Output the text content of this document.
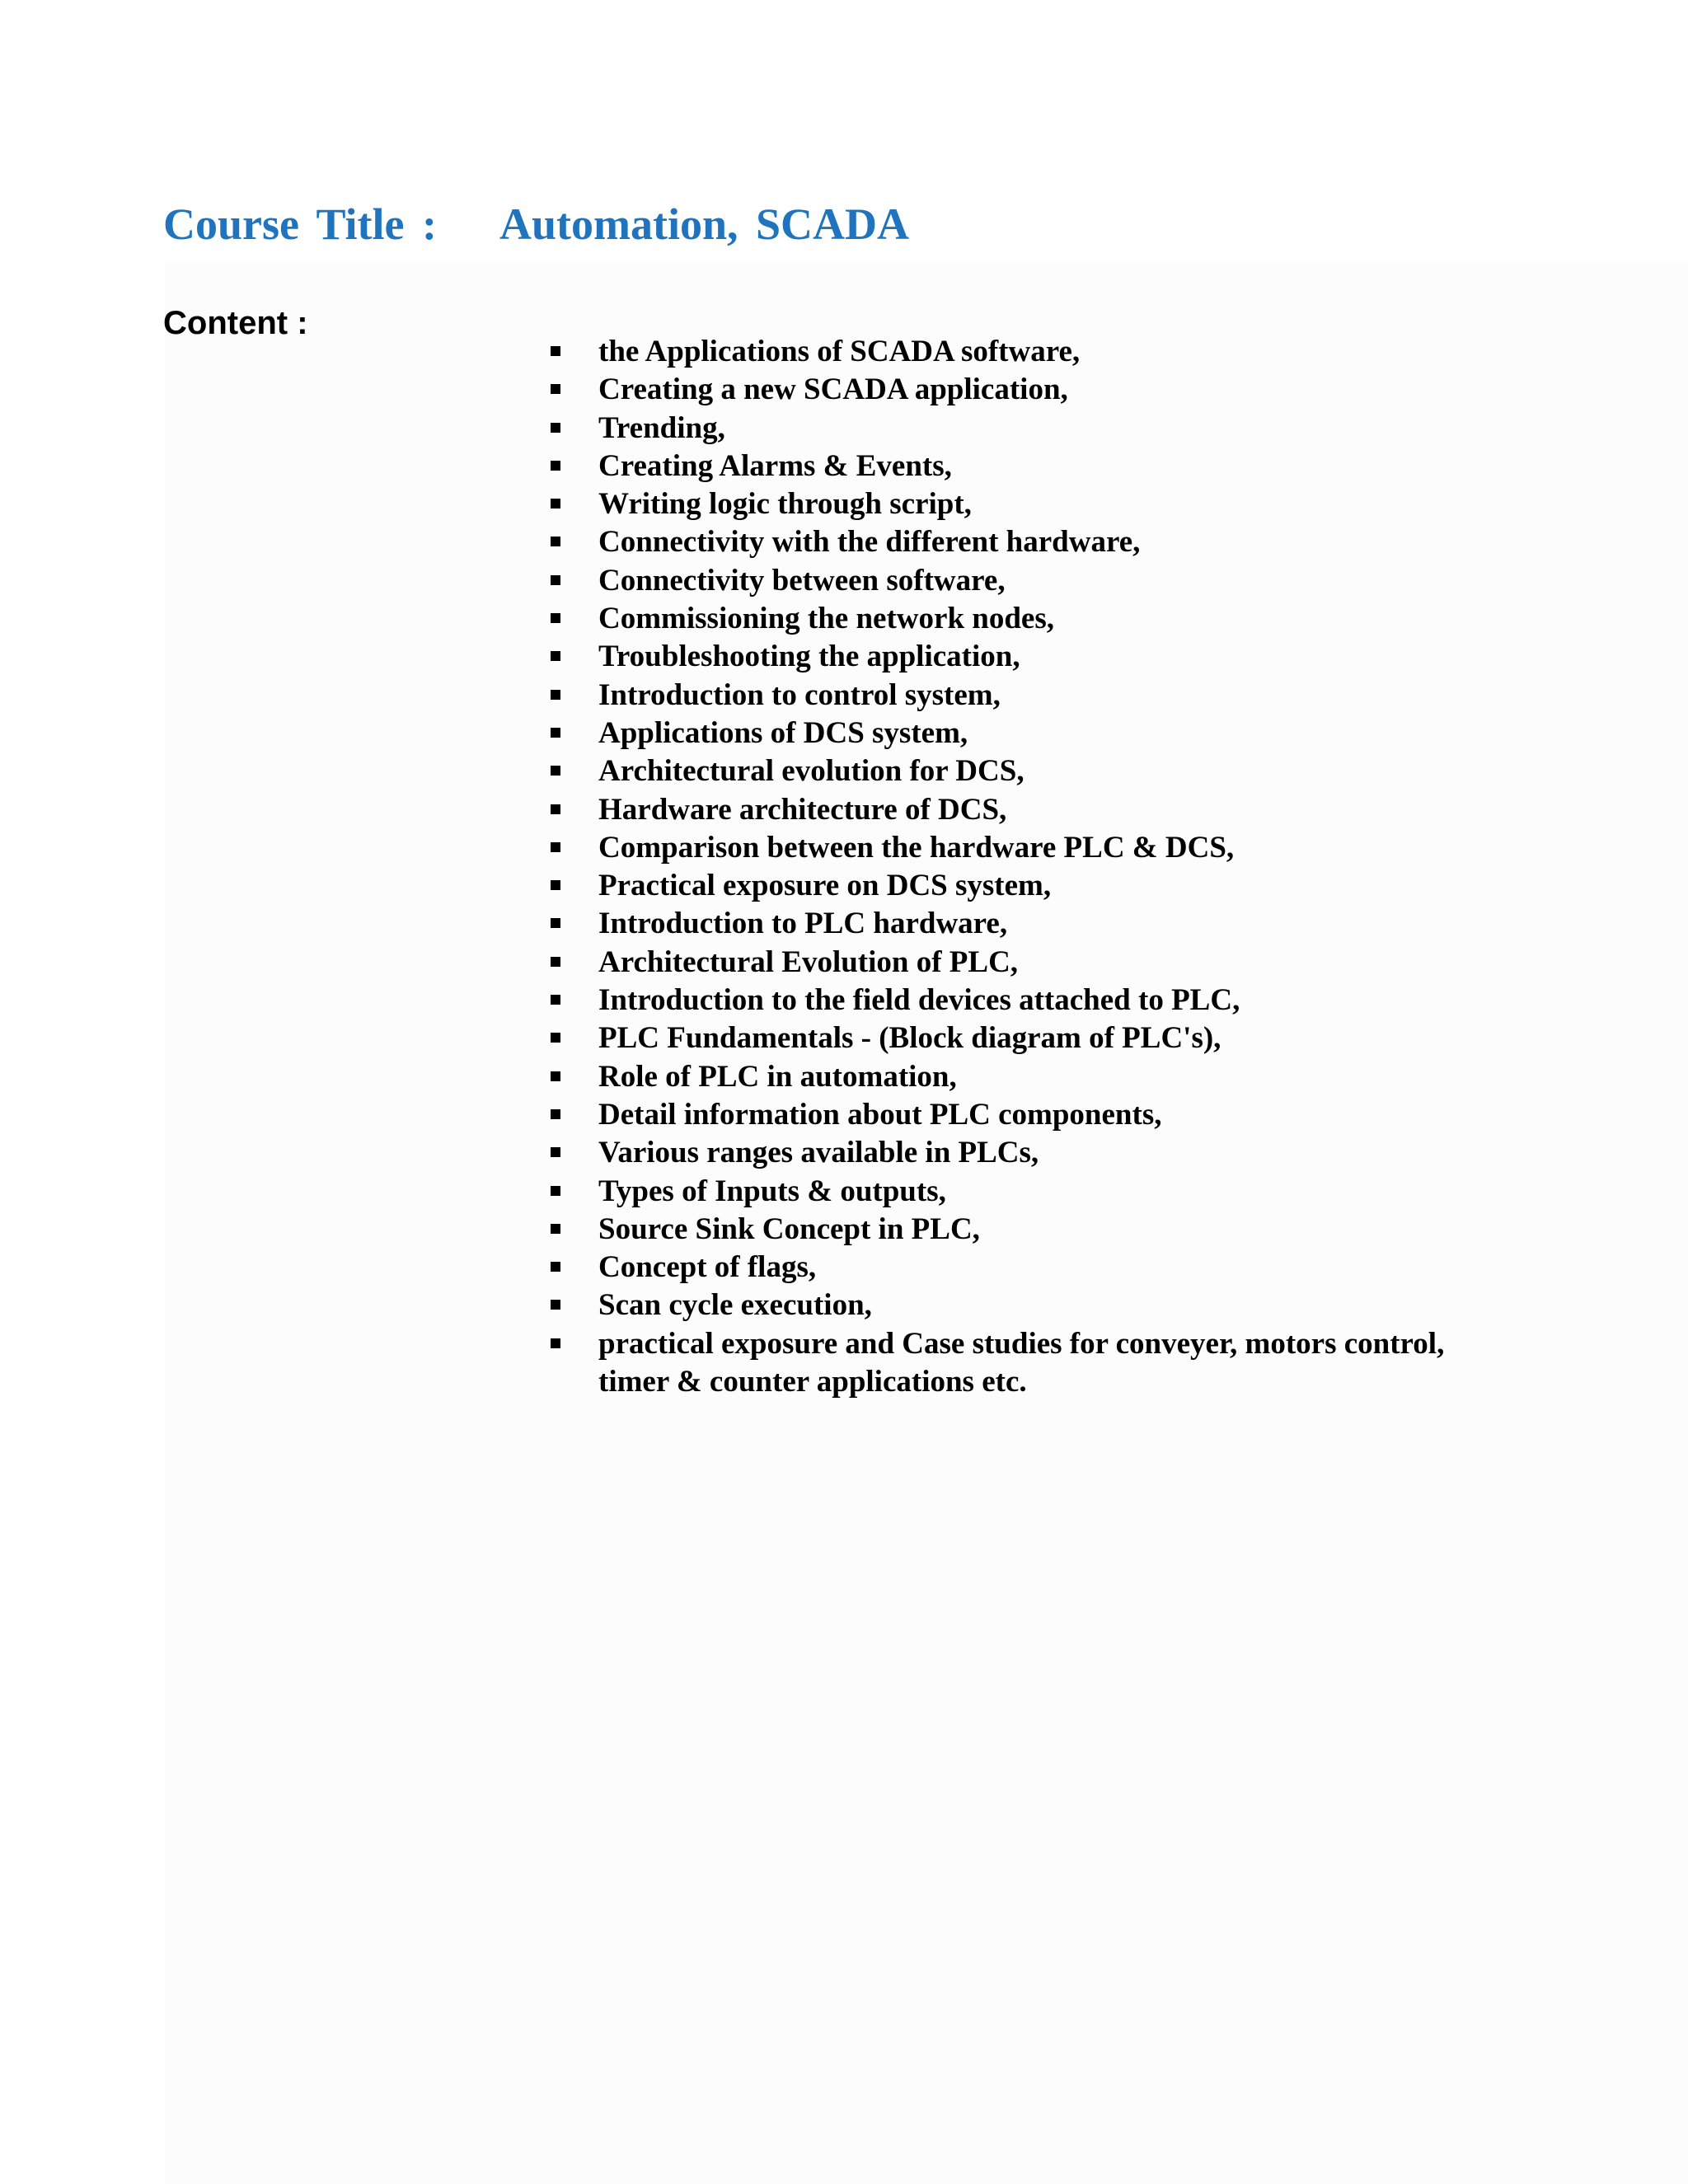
Course Title : Automation, SCADA
Content :
the Applications of SCADA software,
Creating a new SCADA application,
Trending,
Creating Alarms & Events,
Writing logic through script,
Connectivity with the different hardware,
Connectivity between software,
Commissioning the network nodes,
Troubleshooting the application,
Introduction to control system,
Applications of DCS system,
Architectural evolution for DCS,
Hardware architecture of DCS,
Comparison between the hardware PLC & DCS,
Practical exposure on DCS system,
Introduction to PLC hardware,
Architectural Evolution of PLC,
Introduction to the field devices attached to PLC,
PLC Fundamentals - (Block diagram of PLC's),
Role of PLC in automation,
Detail information about PLC components,
Various ranges available in PLCs,
Types of Inputs & outputs,
Source Sink Concept in PLC,
Concept of flags,
Scan cycle execution,
practical exposure and Case studies for conveyer, motors control, timer & counter applications etc.
